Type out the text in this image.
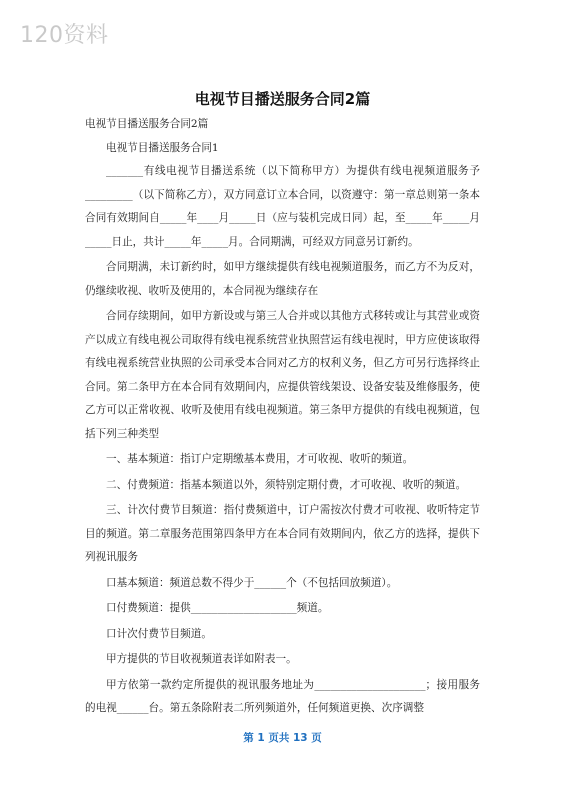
120资料
电视节目播送服务合同2篇

电视节目播送服务合同2篇

电视节目播送服务合同1

_______有线电视节目播送系统（以下简称甲方）为提供有线电视频道服务予_________（以下简称乙方），双方同意订立本合同，以资遵守：第一章总则第一条本合同有效期间自_____年____月_____日（应与装机完成日同）起，至_____年_____月_____日止，共计_____年_____月。合同期满，可经双方同意另订新约。

合同期满，未订新约时，如甲方继续提供有线电视频道服务，而乙方不为反对，仍继续收视、收听及使用的，本合同视为继续存在

合同存续期间，如甲方新设或与第三人合并或以其他方式移转或让与其营业或资产以成立有线电视公司取得有线电视系统营业执照营运有线电视时，甲方应使该取得有线电视系统营业执照的公司承受本合同对乙方的权利义务，但乙方可另行选择终止合同。第二条甲方在本合同有效期间内，应提供管线架设、设备安装及维修服务，使乙方可以正常收视、收听及使用有线电视频道。第三条甲方提供的有线电视频道，包括下列三种类型

一、基本频道：指订户定期缴基本费用，才可收视、收听的频道。

二、付费频道：指基本频道以外，须特别定期付费，才可收视、收听的频道。

三、计次付费节目频道：指付费频道中，订户需按次付费才可收视、收听特定节目的频道。第二章服务范围第四条甲方在本合同有效期间内，依乙方的选择，提供下列视讯服务

口基本频道：频道总数不得少于______个（不包括回放频道）。

口付费频道：提供____________________频道。

口计次付费节目频道。

甲方提供的节目收视频道表详如附表一。

甲方依第一款约定所提供的视讯服务地址为_____________________；接用服务的电视______台。第五条除附表二所列频道外，任何频道更换、次序调整

第 1 页共 13 页
